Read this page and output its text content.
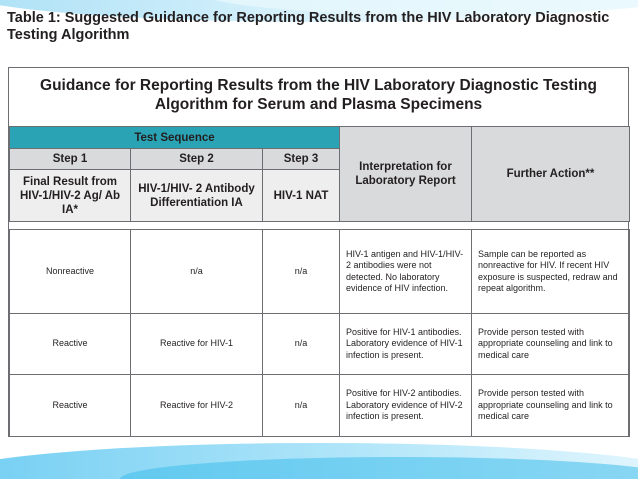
Table 1: Suggested Guidance for Reporting Results from the HIV Laboratory Diagnostic Testing Algorithm
Guidance for Reporting Results from the HIV Laboratory Diagnostic Testing Algorithm for Serum and Plasma Specimens
Test Sequence			Interpretation for Laboratory Report	Further Action**
Step 1	Step 2	Step 3		
Final Result from HIV-1/HIV-2 Ag/ Ab IA*	HIV-1/HIV- 2 Antibody Differentiation IA	HIV-1 NAT		
Nonreactive	n/a	n/a	HIV-1 antigen and HIV-1/HIV-2 antibodies were not detected. No laboratory evidence of HIV infection.	Sample can be reported as nonreactive for HIV. If recent HIV exposure is suspected, redraw and repeat algorithm.
Reactive	Reactive for HIV-1	n/a	Positive for HIV-1 antibodies. Laboratory evidence of HIV-1 infection is present.	Provide person tested with appropriate counseling and link to medical care
Reactive	Reactive for HIV-2	n/a	Positive for HIV-2 antibodies. Laboratory evidence of HIV-2 infection is present.	Provide person tested with appropriate counseling and link to medical care
